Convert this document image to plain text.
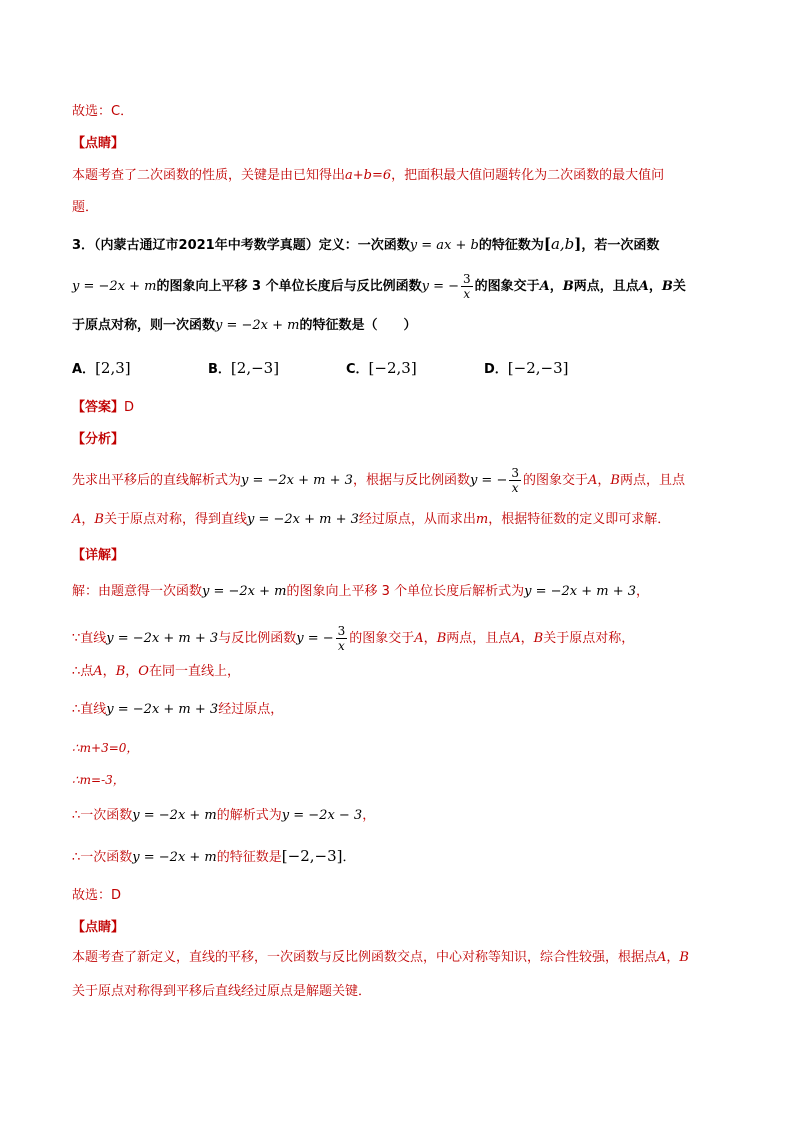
故选：C．
【点睛】
本题考查了二次函数的性质，关键是由已知得出a+b=6，把面积最大值问题转化为二次函数的最大值问
题．
3．（内蒙古通辽市2021年中考数学真题）定义：一次函数y = ax + b的特征数为[a,b]，若一次函数
y = −2x + m的图象向上平移 3 个单位长度后与反比例函数y = − $\frac{3}{x}$ 的图象交于A，B两点，且点A，B关
于原点对称，则一次函数y = −2x + m的特征数是（　　）
A．[2,3]	B．[2,−3]	C．[−2,3]	D．[−2,−3]
【答案】D
【分析】
先求出平移后的直线解析式为y = −2x + m + 3，根据与反比例函数y = − $\frac{3}{x}$ 的图象交于A，B两点，且点
A，B关于原点对称，得到直线y = −2x + m + 3经过原点，从而求出m，根据特征数的定义即可求解．
【详解】
解：由题意得一次函数y = −2x + m的图象向上平移 3 个单位长度后解析式为y = −2x + m + 3，
∵直线y = −2x + m + 3与反比例函数y = − $\frac{3}{x}$ 的图象交于A，B两点，且点A，B关于原点对称，
∴点A，B，O在同一直线上，
∴直线y = −2x + m + 3经过原点，
∴m+3=0，
∴m=-3，
∴一次函数y = −2x + m的解析式为y = −2x − 3，
∴一次函数y = −2x + m的特征数是[−2,−3]．
故选：D
【点睛】
本题考查了新定义，直线的平移，一次函数与反比例函数交点，中心对称等知识，综合性较强，根据点A，B
关于原点对称得到平移后直线经过原点是解题关键．
